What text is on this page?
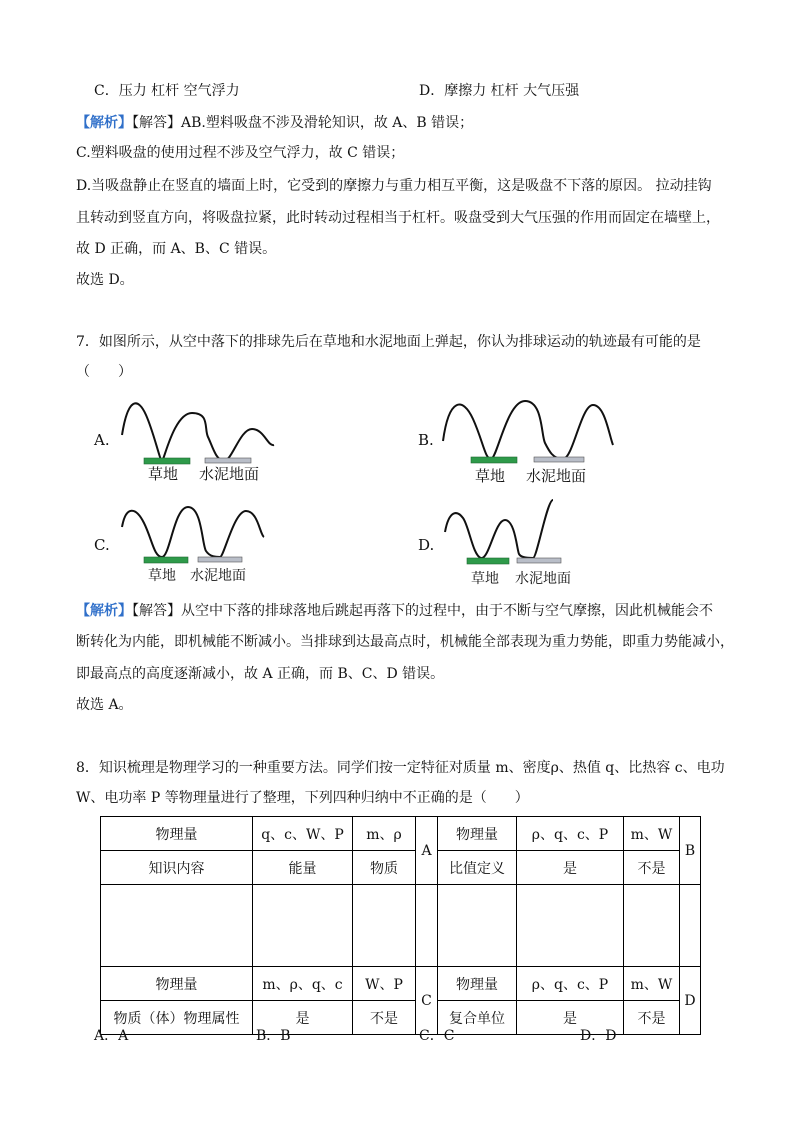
C．压力 杠杆 空气浮力	D．摩擦力 杠杆 大气压强
【解析】【解答】AB.塑料吸盘不涉及滑轮知识，故 A、B 错误；
C.塑料吸盘的使用过程不涉及空气浮力，故 C 错误；
D.当吸盘静止在竖直的墙面上时，它受到的摩擦力与重力相互平衡，这是吸盘不下落的原因。 拉动挂钩
且转动到竖直方向，将吸盘拉紧，此时转动过程相当于杠杆。吸盘受到大气压强的作用而固定在墙壁上，
故 D 正确，而 A、B、C 错误。
故选 D。
7．如图所示，从空中落下的排球先后在草地和水泥地面上弹起，你认为排球运动的轨迹最有可能的是
（　　）
A.
草地 水泥地面
B.
草地 水泥地面
C.
草地 水泥地面
D.
草地 水泥地面
【解析】【解答】从空中下落的排球落地后跳起再落下的过程中，由于不断与空气摩擦，因此机械能会不
断转化为内能，即机械能不断减小。当排球到达最高点时，机械能全部表现为重力势能，即重力势能减小，
即最高点的高度逐渐减小，故 A 正确，而 B、C、D 错误。
故选 A。
8．知识梳理是物理学习的一种重要方法。同学们按一定特征对质量 m、密度ρ、热值 q、比热容 c、电功
W、电功率 P 等物理量进行了整理，下列四种归纳中不正确的是（　　）
物理量	q、c、W、P	m、ρ	A	物理量	ρ、q、c、P	m、W	B
知识内容	能量	物质		比值定义	是	不是	

物理量	m、ρ、q、c	W、P	C	物理量	ρ、q、c、P	m、W	D
物质（体）物理属性	是	不是		复合单位	是	不是	
A．A	B．B	C．C	D．D
